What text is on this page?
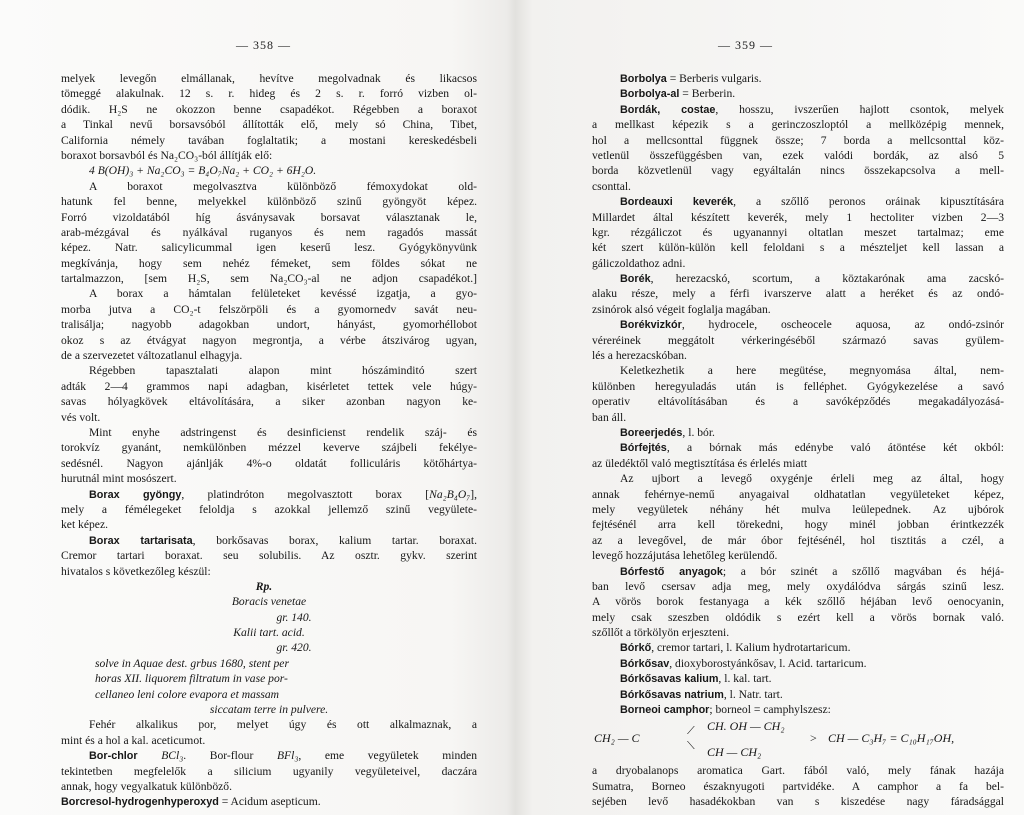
— 358 —
melyek levegőn elmállanak, hevítve megolvadnak és likacsos
tömeggé alakulnak. 12 s. r. hideg és 2 s. r. forró vizben ol-
dódik. H₂S ne okozzon benne csapadékot. Régebben a boraxot
a Tinkal nevű borsavsóból állították elő, mely só China, Tibet,
California némely tavában foglaltatik; a mostani kereskedésbeli
boraxot borsavból és Na₂CO₃-ból állítják elő:
4 B(OH)₃ + Na₂CO₃ = B₄O₇Na₂ + CO₂ + 6H₂O.
A boraxot megolvasztva különböző fémoxydokat old-
hatunk fel benne, melyekkel különböző szinű gyöngyöt képez.
Forró vizoldatából híg ásványsavak borsavat választanak le,
arab-mézgával és nyálkával ruganyos és nem ragadós massát
képez. Natr. salicylicummal igen keserű lesz. Gyógykönyvünk
megkívánja, hogy sem nehéz fémeket, sem földes sókat ne
tartalmazzon, [sem H₂S, sem Na₂CO₃-al ne adjon csapadékot.]
A borax a hámtalan felületeket kevéssé izgatja, a gyo-
morba jutva a CO₂-t felszörpöli és a gyomornedv savát neu-
tralisálja; nagyobb adagokban undort, hányást, gyomorhéllobot
okoz s az étvágyat nagyon megrontja, a vérbe átszivárog ugyan,
de a szervezetet változatlanul elhagyja.
Régebben tapasztalati alapon mint hószáminditó szert
adták 2—4 grammos napi adagban, kisérletet tettek vele húgy-
savas hólyagkövek eltávolítására, a siker azonban nagyon ke-
vés volt.
Mint enyhe adstringenst és desinficienst rendelik száj- és
torokvíz gyanánt, nemkülönben mézzel keverve szájbeli fekélye-
sedésnél. Nagyon ajánlják 4%-o oldatát folliculáris kötőhártya-
hurutnál mint mosószert.
Borax gyöngy, platindróton megolvasztott borax [Na₂B₄O₇],
mely a fémélegeket feloldja s azokkal jellemző szinű vegyülete-
ket képez.
Borax tartarisata, borkősavas borax, kalium tartar. boraxat.
Cremor tartari boraxat. seu solubilis. Az osztr. gykv. szerint
hivatalos s következőleg készül:
Rp.
Boracis venetae
gr. 140.
Kalii tart. acid.
gr. 420.
solve in Aquae dest. grbus 1680, stent per
horas XII. liquorem filtratum in vase por-
cellaneo leni colore evapora et massam
siccatam terre in pulvere.
Fehér alkalikus por, melyet úgy és ott alkalmaznak, a
mint és a hol a kal. aceticumot.
Bor-chlor BCl₃. Bor-flour BFl₃, eme vegyületek minden
tekintetben megfelelők a silicium ugyanily vegyületeivel, daczára
annak, hogy vegyalkatuk különböző.
Borcresol-hydrogenhyperoxyd = Acidum asepticum.
— 359 —
Borbolya = Berberis vulgaris.
Borbolya-al = Berberin.
Bordák, costae, hosszu, ivszerűen hajlott csontok, melyek
a mellkast képezik s a gerinczoszloptól a mellközépig mennek,
hol a mellcsonttal függnek össze; 7 borda a mellcsonttal köz-
vetlenül összefüggésben van, ezek valódi bordák, az alsó 5
borda közvetlenül vagy egyáltalán nincs összekapcsolva a mell-
csonttal.
Bordeauxi keverék, a szőllő peronos oráinak kipusztítására
Millardet által készített keverék, mely 1 hectoliter vizben 2—3
kgr. rézgáliczot és ugyanannyi oltatlan meszet tartalmaz; eme
két szert külön-külön kell feloldani s a mészteljet kell lassan a
gáliczoldathoz adni.
Borék, herezacskó, scortum, a köztakarónak ama zacskó-
alaku része, mely a férfi ivarszerve alatt a heréket és az ondó-
zsinórok alsó végeit foglalja magában.
Borékvizkór, hydrocele, oscheocele aquosa, az ondó-zsinór
véreréinek meggátolt vérkeringéséből származó savas gyülem-
lés a herezacskóban.
Keletkezhetik a here megütése, megnyomása által, nem-
különben heregyuladás után is felléphet. Gyógykezelése a savó
operativ eltávolításában és a savóképződés megakadályozásá-
ban áll.
Boreerjedés, l. bór.
Bórfejtés, a bórnak más edénybe való átöntése két okból:
az üledéktől való megtisztítása és érlelés miatt
Az ujbort a levegő oxygénje érleli meg az által, hogy
annak fehérnye-nemű anyagaival oldhatatlan vegyületeket képez,
mely vegyületek néhány hét mulva leülepednek. Az ujbórok
fejtésénél arra kell törekedni, hogy minél jobban érintkezzék
az a levegővel, de már óbor fejtésénél, hol tisztitás a czél, a
levegő hozzájutása lehetőleg kerülendő.
Bórfestő anyagok; a bór szinét a szőllő magvában és héjá-
ban levő csersav adja meg, mely oxydálódva sárgás szinű lesz.
A vörös borok festanyaga a kék szőllő héjában levő oenocyanin,
mely csak szeszben oldódik s ezért kell a vörös bornak való.
szőllőt a törkölyön erjeszteni.
Bórkő, cremor tartari, l. Kalium hydrotartaricum.
Bórkősav, dioxyborostyánkősav, l. Acid. tartaricum.
Bórkősavas kalium, l. kal. tart.
Bórkősavas natrium, l. Natr. tart.
Borneoi camphor; borneol = camphylszesz:
CH. OH — CH₂
CH₂ — C	⟋
⟍ CH — CH₂
> CH — C₃H₇ = C₁₀H₁₇OH,
a dryobalanops aromatica Gart. fából való, mely fának hazája
Sumatra, Borneo északnyugoti partvidéke. A camphor a fa bel-
sejében levő hasadékokban van s kiszedése nagy fáradsággal
